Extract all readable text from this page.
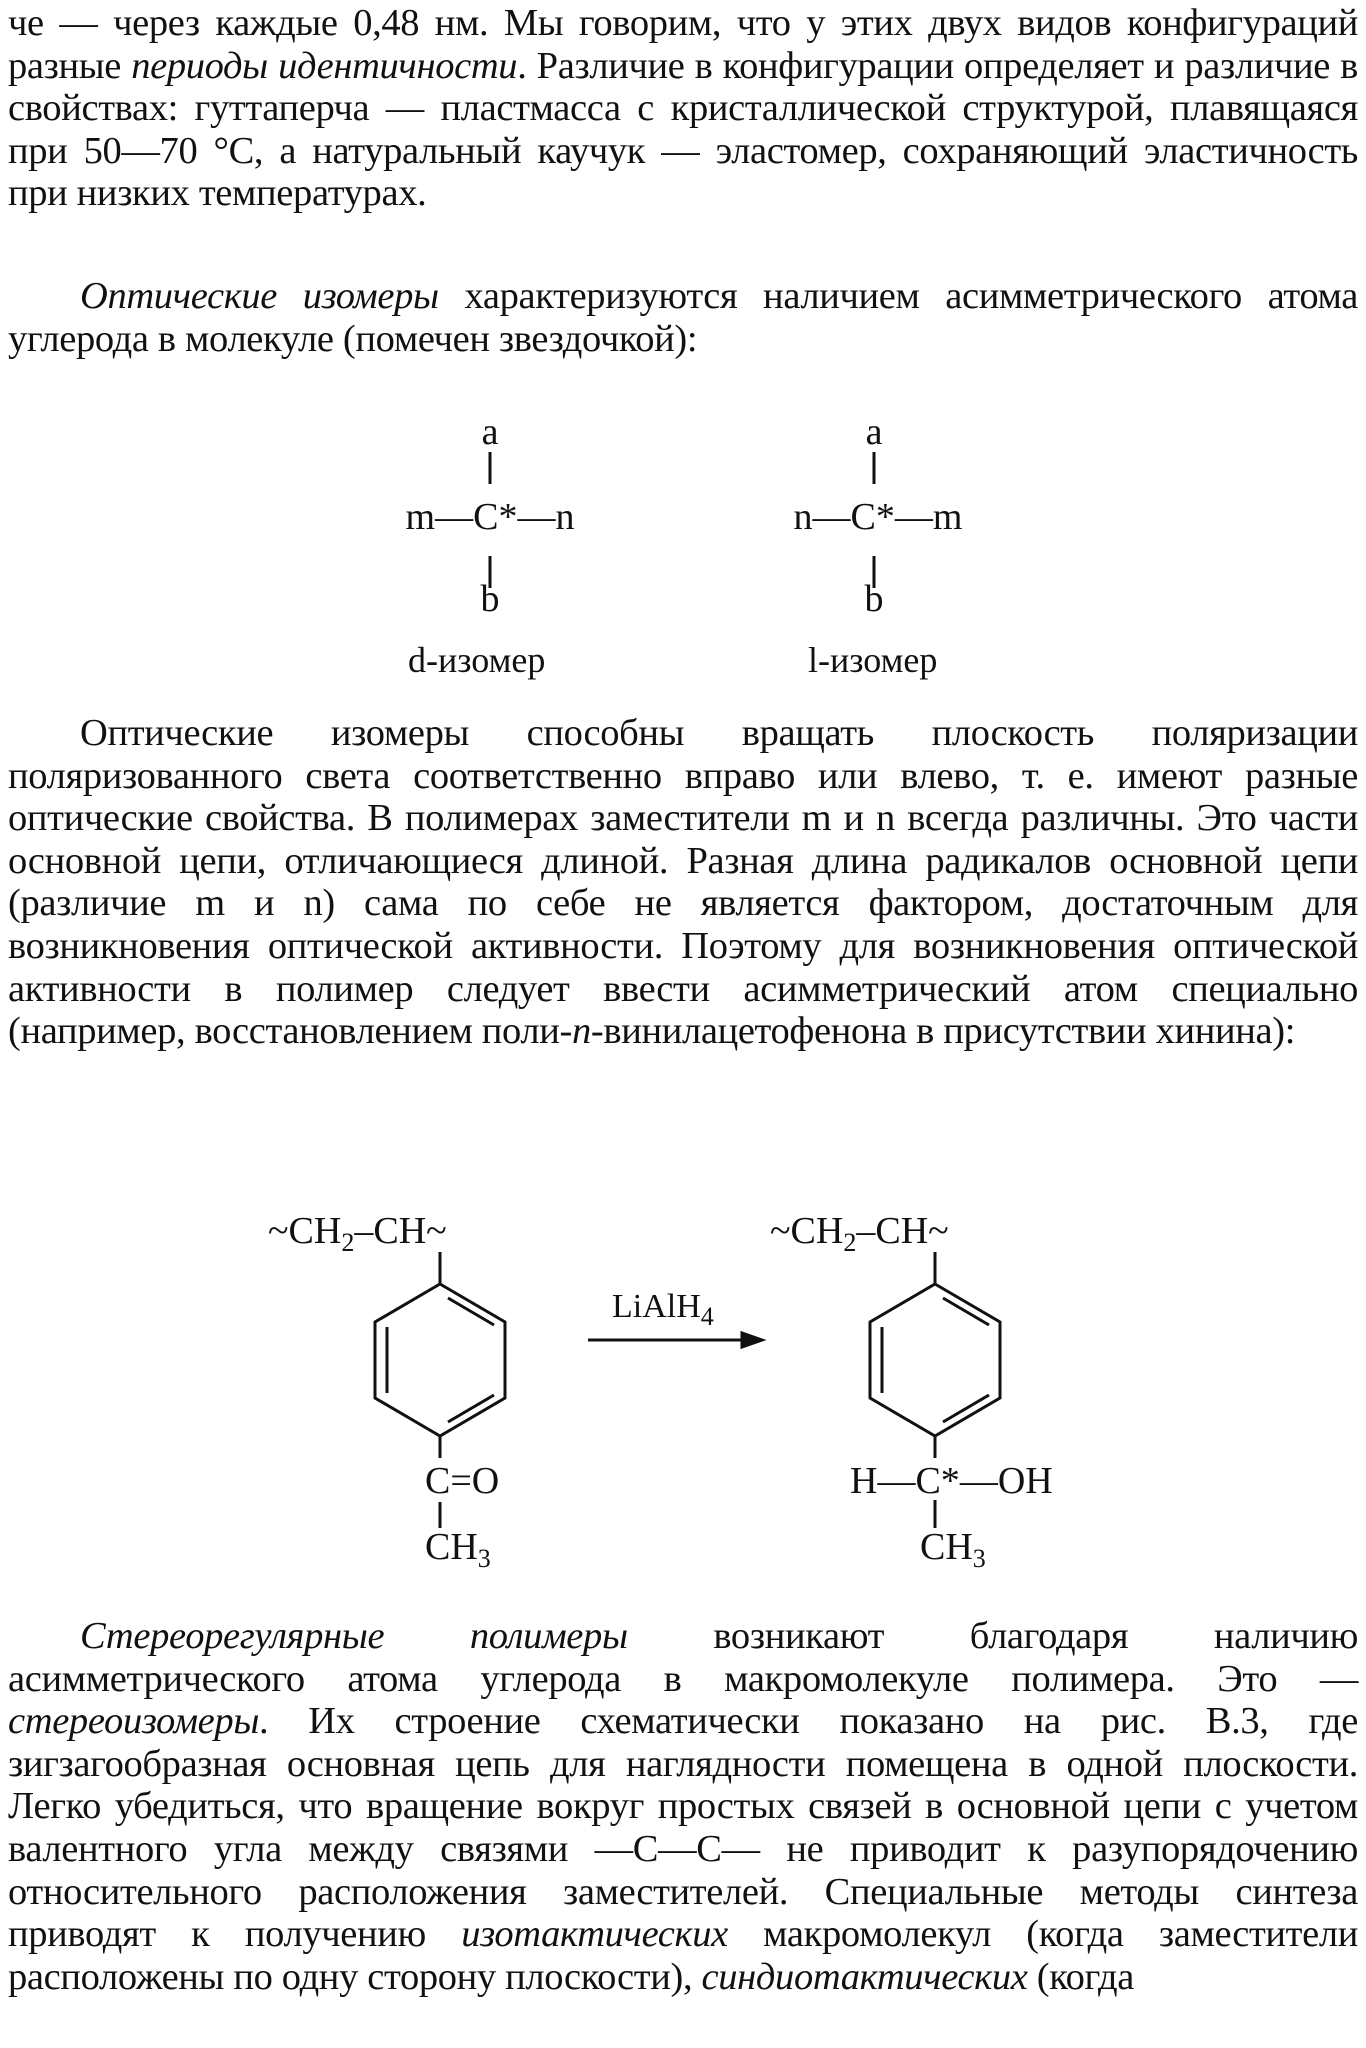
че — через каждые 0,48 нм. Мы говорим, что у этих двух видов конфигураций разные периоды идентичности. Различие в конфигурации определяет и различие в свойствах: гуттаперча — пластмасса с кристаллической структурой, плавящаяся при 50—70 °С, а натуральный каучук — эластомер, сохраняющий эластичность при низких температурах.

Оптические изомеры характеризуются наличием асимметрического атома углерода в молекуле (помечен звездочкой):

a
m—C*—n
b
d-изомер
a
n—C*—m
b
l-изомер

Оптические изомеры способны вращать плоскость поляризации поляризованного света соответственно вправо или влево, т. е. имеют разные оптические свойства. В полимерах заместители m и n всегда различны. Это части основной цепи, отличающиеся длиной. Разная длина радикалов основной цепи (различие m и n) сама по себе не является фактором, достаточным для возникновения оптической активности. Поэтому для возникновения оптической активности в полимер следует ввести асимметрический атом специально (например, восстановлением поли-n-винилацетофенона в присутствии хинина):

$\sim CH_2-CH\sim$
C=O
$CH_3$
LiAlH$_4$
$\sim CH_2-CH\sim$
H—C*—OH
$CH_3$

Стереорегулярные полимеры возникают благодаря наличию асимметрического атома углерода в макромолекуле полимера. Это — стереоизомеры. Их строение схематически показано на рис. В.3, где зигзагообразная основная цепь для наглядности помещена в одной плоскости. Легко убедиться, что вращение вокруг простых связей в основной цепи с учетом валентного угла между связями —С—С— не приводит к разупорядочению относительного расположения заместителей. Специальные методы синтеза приводят к получению изотактических макромолекул (когда заместители расположены по одну сторону плоскости), синдиотактических (когда
